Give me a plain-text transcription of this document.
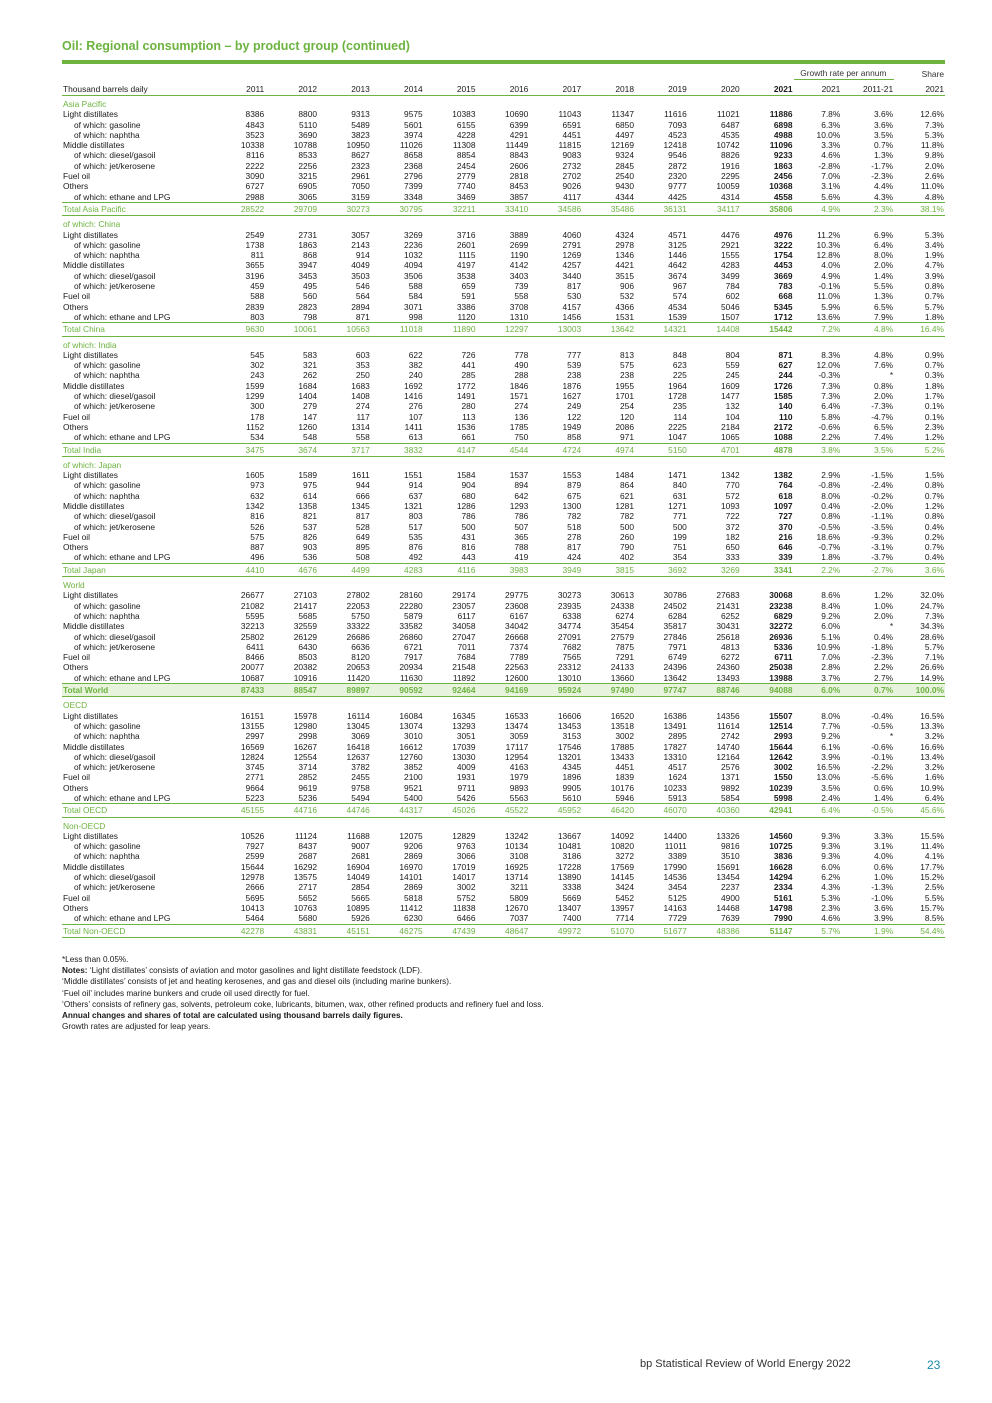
Oil: Regional consumption – by product group (continued)
												Growth rate per annum		Share
Thousand barrels daily	2011	2012	2013	2014	2015	2016	2017	2018	2019	2020	2021	2021	2011-21	2021
Asia Pacific														
Light distillates	8386	8800	9313	9575	10383	10690	11043	11347	11616	11021	11886	7.8%	3.6%	12.6%
of which: gasoline	4843	5110	5489	5601	6155	6399	6591	6850	7093	6487	6898	6.3%	3.6%	7.3%
of which: naphtha	3523	3690	3823	3974	4228	4291	4451	4497	4523	4535	4988	10.0%	3.5%	5.3%
Middle distillates	10338	10788	10950	11026	11308	11449	11815	12169	12418	10742	11096	3.3%	0.7%	11.8%
of which: diesel/gasoil	8116	8533	8627	8658	8854	8843	9083	9324	9546	8826	9233	4.6%	1.3%	9.8%
of which: jet/kerosene	2222	2256	2323	2368	2454	2606	2732	2845	2872	1916	1863	-2.8%	-1.7%	2.0%
Fuel oil	3090	3215	2961	2796	2779	2818	2702	2540	2320	2295	2456	7.0%	-2.3%	2.6%
Others	6727	6905	7050	7399	7740	8453	9026	9430	9777	10059	10368	3.1%	4.4%	11.0%
of which: ethane and LPG	2988	3065	3159	3348	3469	3857	4117	4344	4425	4314	4558	5.6%	4.3%	4.8%
Total Asia Pacific	28522	29709	30273	30795	32211	33410	34586	35486	36131	34117	35806	4.9%	2.3%	38.1%
of which: China														
Light distillates	2549	2731	3057	3269	3716	3889	4060	4324	4571	4476	4976	11.2%	6.9%	5.3%
of which: gasoline	1738	1863	2143	2236	2601	2699	2791	2978	3125	2921	3222	10.3%	6.4%	3.4%
of which: naphtha	811	868	914	1032	1115	1190	1269	1346	1446	1555	1754	12.8%	8.0%	1.9%
Middle distillates	3655	3947	4049	4094	4197	4142	4257	4421	4642	4283	4453	4.0%	2.0%	4.7%
of which: diesel/gasoil	3196	3453	3503	3506	3538	3403	3440	3515	3674	3499	3669	4.9%	1.4%	3.9%
of which: jet/kerosene	459	495	546	588	659	739	817	906	967	784	783	-0.1%	5.5%	0.8%
Fuel oil	588	560	564	584	591	558	530	532	574	602	668	11.0%	1.3%	0.7%
Others	2839	2823	2894	3071	3386	3708	4157	4366	4534	5046	5345	5.9%	6.5%	5.7%
of which: ethane and LPG	803	798	871	998	1120	1310	1456	1531	1539	1507	1712	13.6%	7.9%	1.8%
Total China	9630	10061	10563	11018	11890	12297	13003	13642	14321	14408	15442	7.2%	4.8%	16.4%
of which: India														
Light distillates	545	583	603	622	726	778	777	813	848	804	871	8.3%	4.8%	0.9%
of which: gasoline	302	321	353	382	441	490	539	575	623	559	627	12.0%	7.6%	0.7%
of which: naphtha	243	262	250	240	285	288	238	238	225	245	244	-0.3%	*	0.3%
Middle distillates	1599	1684	1683	1692	1772	1846	1876	1955	1964	1609	1726	7.3%	0.8%	1.8%
of which: diesel/gasoil	1299	1404	1408	1416	1491	1571	1627	1701	1728	1477	1585	7.3%	2.0%	1.7%
of which: jet/kerosene	300	279	274	276	280	274	249	254	235	132	140	6.4%	-7.3%	0.1%
Fuel oil	178	147	117	107	113	136	122	120	114	104	110	5.8%	-4.7%	0.1%
Others	1152	1260	1314	1411	1536	1785	1949	2086	2225	2184	2172	-0.6%	6.5%	2.3%
of which: ethane and LPG	534	548	558	613	661	750	858	971	1047	1065	1088	2.2%	7.4%	1.2%
Total India	3475	3674	3717	3832	4147	4544	4724	4974	5150	4701	4878	3.8%	3.5%	5.2%
of which: Japan														
Light distillates	1605	1589	1611	1551	1584	1537	1553	1484	1471	1342	1382	2.9%	-1.5%	1.5%
of which: gasoline	973	975	944	914	904	894	879	864	840	770	764	-0.8%	-2.4%	0.8%
of which: naphtha	632	614	666	637	680	642	675	621	631	572	618	8.0%	-0.2%	0.7%
Middle distillates	1342	1358	1345	1321	1286	1293	1300	1281	1271	1093	1097	0.4%	-2.0%	1.2%
of which: diesel/gasoil	816	821	817	803	786	786	782	782	771	722	727	0.8%	-1.1%	0.8%
of which: jet/kerosene	526	537	528	517	500	507	518	500	500	372	370	-0.5%	-3.5%	0.4%
Fuel oil	575	826	649	535	431	365	278	260	199	182	216	18.6%	-9.3%	0.2%
Others	887	903	895	876	816	788	817	790	751	650	646	-0.7%	-3.1%	0.7%
of which: ethane and LPG	496	536	508	492	443	419	424	402	354	333	339	1.8%	-3.7%	0.4%
Total Japan	4410	4676	4499	4283	4116	3983	3949	3815	3692	3269	3341	2.2%	-2.7%	3.6%
World														
Light distillates	26677	27103	27802	28160	29174	29775	30273	30613	30786	27683	30068	8.6%	1.2%	32.0%
of which: gasoline	21082	21417	22053	22280	23057	23608	23935	24338	24502	21431	23238	8.4%	1.0%	24.7%
of which: naphtha	5595	5685	5750	5879	6117	6167	6338	6274	6284	6252	6829	9.2%	2.0%	7.3%
Middle distillates	32213	32559	33322	33582	34058	34042	34774	35454	35817	30431	32272	6.0%	*	34.3%
of which: diesel/gasoil	25802	26129	26686	26860	27047	26668	27091	27579	27846	25618	26936	5.1%	0.4%	28.6%
of which: jet/kerosene	6411	6430	6636	6721	7011	7374	7682	7875	7971	4813	5336	10.9%	-1.8%	5.7%
Fuel oil	8466	8503	8120	7917	7684	7789	7565	7291	6749	6272	6711	7.0%	-2.3%	7.1%
Others	20077	20382	20653	20934	21548	22563	23312	24133	24396	24360	25038	2.8%	2.2%	26.6%
of which: ethane and LPG	10687	10916	11420	11630	11892	12600	13010	13660	13642	13493	13988	3.7%	2.7%	14.9%
Total World	87433	88547	89897	90592	92464	94169	95924	97490	97747	88746	94088	6.0%	0.7%	100.0%
OECD														
Light distillates	16151	15978	16114	16084	16345	16533	16606	16520	16386	14356	15507	8.0%	-0.4%	16.5%
of which: gasoline	13155	12980	13045	13074	13293	13474	13453	13518	13491	11614	12514	7.7%	-0.5%	13.3%
of which: naphtha	2997	2998	3069	3010	3051	3059	3153	3002	2895	2742	2993	9.2%	*	3.2%
Middle distillates	16569	16267	16418	16612	17039	17117	17546	17885	17827	14740	15644	6.1%	-0.6%	16.6%
of which: diesel/gasoil	12824	12554	12637	12760	13030	12954	13201	13433	13310	12164	12642	3.9%	-0.1%	13.4%
of which: jet/kerosene	3745	3714	3782	3852	4009	4163	4345	4451	4517	2576	3002	16.5%	-2.2%	3.2%
Fuel oil	2771	2852	2455	2100	1931	1979	1896	1839	1624	1371	1550	13.0%	-5.6%	1.6%
Others	9664	9619	9758	9521	9711	9893	9905	10176	10233	9892	10239	3.5%	0.6%	10.9%
of which: ethane and LPG	5223	5236	5494	5400	5426	5563	5610	5946	5913	5854	5998	2.4%	1.4%	6.4%
Total OECD	45155	44716	44746	44317	45026	45522	45952	46420	46070	40360	42941	6.4%	-0.5%	45.6%
Non-OECD														
Light distillates	10526	11124	11688	12075	12829	13242	13667	14092	14400	13326	14560	9.3%	3.3%	15.5%
of which: gasoline	7927	8437	9007	9206	9763	10134	10481	10820	11011	9816	10725	9.3%	3.1%	11.4%
of which: naphtha	2599	2687	2681	2869	3066	3108	3186	3272	3389	3510	3836	9.3%	4.0%	4.1%
Middle distillates	15644	16292	16904	16970	17019	16925	17228	17569	17990	15691	16628	6.0%	0.6%	17.7%
of which: diesel/gasoil	12978	13575	14049	14101	14017	13714	13890	14145	14536	13454	14294	6.2%	1.0%	15.2%
of which: jet/kerosene	2666	2717	2854	2869	3002	3211	3338	3424	3454	2237	2334	4.3%	-1.3%	2.5%
Fuel oil	5695	5652	5665	5818	5752	5809	5669	5452	5125	4900	5161	5.3%	-1.0%	5.5%
Others	10413	10763	10895	11412	11838	12670	13407	13957	14163	14468	14798	2.3%	3.6%	15.7%
of which: ethane and LPG	5464	5680	5926	6230	6466	7037	7400	7714	7729	7639	7990	4.6%	3.9%	8.5%
Total Non-OECD	42278	43831	45151	46275	47439	48647	49972	51070	51677	48386	51147	5.7%	1.9%	54.4%
*Less than 0.05%.
Notes: ‘Light distillates’ consists of aviation and motor gasolines and light distillate feedstock (LDF).
‘Middle distillates’ consists of jet and heating kerosenes, and gas and diesel oils (including marine bunkers).
‘Fuel oil’ includes marine bunkers and crude oil used directly for fuel.
‘Others’ consists of refinery gas, solvents, petroleum coke, lubricants, bitumen, wax, other refined products and refinery fuel and loss.
Annual changes and shares of total are calculated using thousand barrels daily figures.
Growth rates are adjusted for leap years.
bp Statistical Review of World Energy 2022	23
